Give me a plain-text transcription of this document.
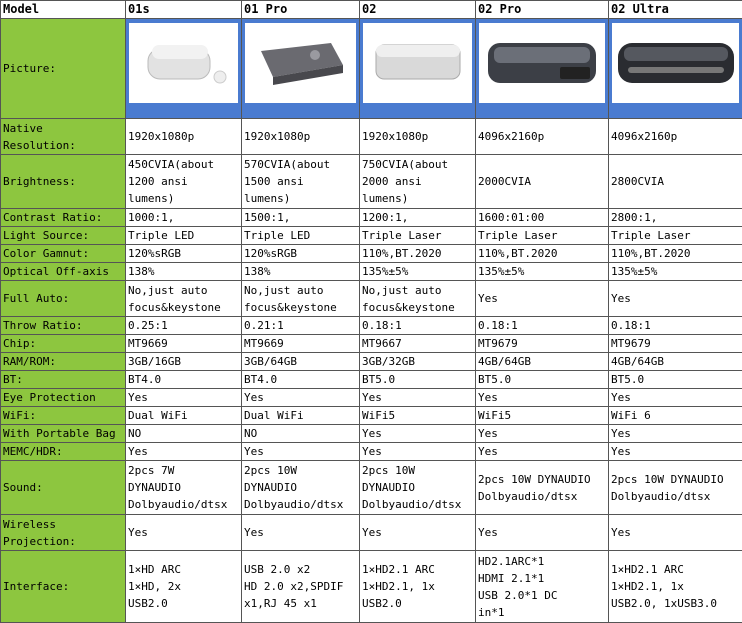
Model	01s	01 Pro	02	02 Pro	02 Ultra
Picture:	

Native
Resolution:	1920x1080p	1920x1080p	1920x1080p	4096x2160p	4096x2160p
Brightness:	450CVIA(about
1200 ansi
lumens)	570CVIA(about
1500 ansi
lumens)	750CVIA(about
2000 ansi
lumens)	2000CVIA	2800CVIA
Contrast Ratio:	1000:1,	1500:1,	1200:1,	1600:01:00	2800:1,
Light Source:	Triple LED	Triple LED	Triple Laser	Triple Laser	Triple Laser
Color Gamnut:	120%sRGB	120%sRGB	110%,BT.2020	110%,BT.2020	110%,BT.2020
Optical Off-axis	138%	138%	135%±5%	135%±5%	135%±5%
Full Auto:	No,just auto
focus&keystone	No,just auto
focus&keystone	No,just auto
focus&keystone	Yes	Yes
Throw Ratio:	0.25:1	0.21:1	0.18:1	0.18:1	0.18:1
Chip:	MT9669	MT9669	MT9667	MT9679	MT9679
RAM/ROM:	3GB/16GB	3GB/64GB	3GB/32GB	4GB/64GB	4GB/64GB
BT:	BT4.0	BT4.0	BT5.0	BT5.0	BT5.0
Eye Protection	Yes	Yes	Yes	Yes	Yes
WiFi:	Dual WiFi	Dual WiFi	WiFi5	WiFi5	WiFi 6
With Portable Bag	NO	NO	Yes	Yes	Yes
MEMC/HDR:	Yes	Yes	Yes	Yes	Yes
Sound:	2pcs 7W
DYNAUDIO
Dolbyaudio/dtsx	2pcs 10W
DYNAUDIO
Dolbyaudio/dtsx	2pcs 10W
DYNAUDIO
Dolbyaudio/dtsx	2pcs 10W DYNAUDIO
Dolbyaudio/dtsx	2pcs 10W DYNAUDIO
Dolbyaudio/dtsx
Wireless
Projection:	Yes	Yes	Yes	Yes	Yes
Interface:	1×HD ARC
1×HD, 2x
USB2.0	USB 2.0 x2
HD 2.0 x2,SPDIF
x1,RJ 45 x1	1×HD2.1 ARC
1×HD2.1, 1x
USB2.0	HD2.1ARC*1
HDMI 2.1*1
USB 2.0*1 DC
in*1	1×HD2.1 ARC
1×HD2.1, 1x
USB2.0, 1xUSB3.0
